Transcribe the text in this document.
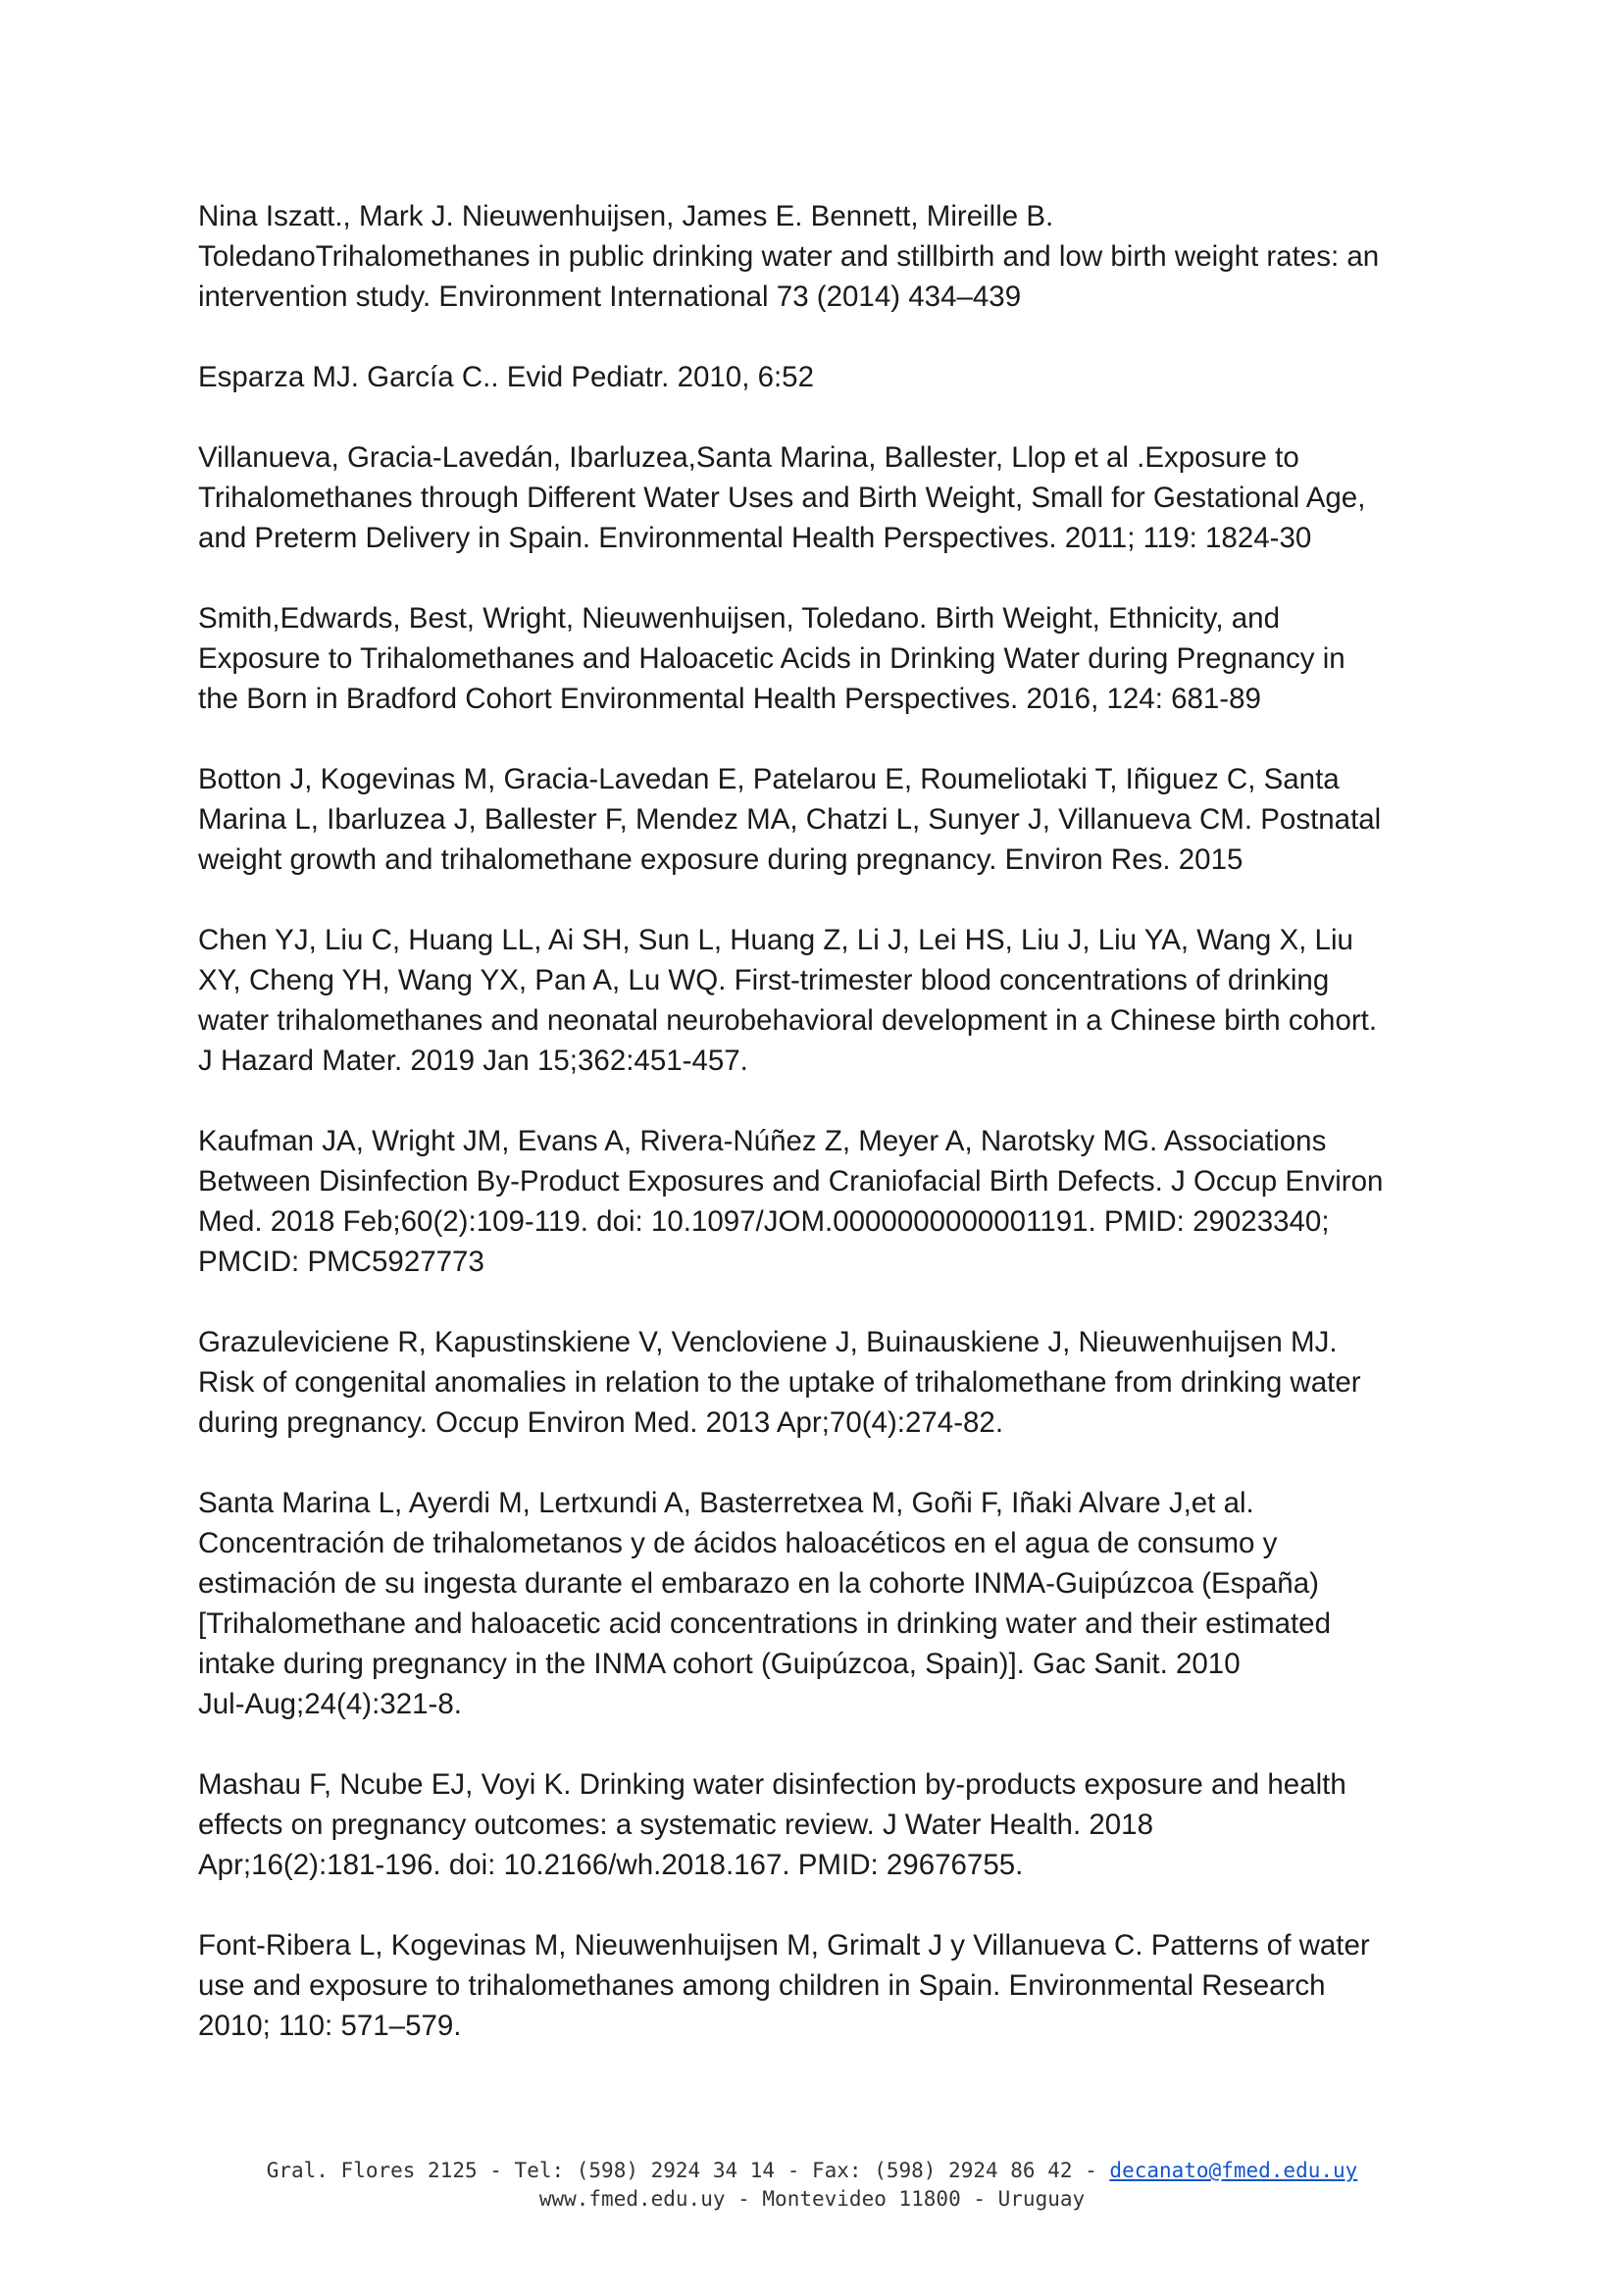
Nina Iszatt., Mark J. Nieuwenhuijsen, James E. Bennett, Mireille B.
ToledanoTrihalomethanes in public drinking water and stillbirth and low birth weight rates: an
intervention study. Environment International 73 (2014) 434–439
Esparza MJ. García C.. Evid Pediatr. 2010, 6:52
Villanueva, Gracia-Lavedán, Ibarluzea,Santa Marina, Ballester, Llop et al .Exposure to
Trihalomethanes through Different Water Uses and Birth Weight, Small for Gestational Age,
and Preterm Delivery in Spain. Environmental Health Perspectives. 2011; 119: 1824-30
Smith,Edwards, Best, Wright, Nieuwenhuijsen, Toledano. Birth Weight, Ethnicity, and
Exposure to Trihalomethanes and Haloacetic Acids in Drinking Water during Pregnancy in
the Born in Bradford Cohort Environmental Health Perspectives. 2016, 124: 681-89
Botton J, Kogevinas M, Gracia-Lavedan E, Patelarou E, Roumeliotaki T, Iñiguez C, Santa
Marina L, Ibarluzea J, Ballester F, Mendez MA, Chatzi L, Sunyer J, Villanueva CM. Postnatal
weight growth and trihalomethane exposure during pregnancy. Environ Res. 2015
Chen YJ, Liu C, Huang LL, Ai SH, Sun L, Huang Z, Li J, Lei HS, Liu J, Liu YA, Wang X, Liu
XY, Cheng YH, Wang YX, Pan A, Lu WQ. First-trimester blood concentrations of drinking
water trihalomethanes and neonatal neurobehavioral development in a Chinese birth cohort.
J Hazard Mater. 2019 Jan 15;362:451-457.
Kaufman JA, Wright JM, Evans A, Rivera-Núñez Z, Meyer A, Narotsky MG. Associations
Between Disinfection By-Product Exposures and Craniofacial Birth Defects. J Occup Environ
Med. 2018 Feb;60(2):109-119. doi: 10.1097/JOM.0000000000001191. PMID: 29023340;
PMCID: PMC5927773
Grazuleviciene R, Kapustinskiene V, Vencloviene J, Buinauskiene J, Nieuwenhuijsen MJ.
Risk of congenital anomalies in relation to the uptake of trihalomethane from drinking water
during pregnancy. Occup Environ Med. 2013 Apr;70(4):274-82.
Santa Marina L, Ayerdi M, Lertxundi A, Basterretxea M, Goñi F, Iñaki Alvare J,et al.
Concentración de trihalometanos y de ácidos haloacéticos en el agua de consumo y
estimación de su ingesta durante el embarazo en la cohorte INMA-Guipúzcoa (España)
[Trihalomethane and haloacetic acid concentrations in drinking water and their estimated
intake during pregnancy in the INMA cohort (Guipúzcoa, Spain)]. Gac Sanit. 2010
Jul-Aug;24(4):321-8.
Mashau F, Ncube EJ, Voyi K. Drinking water disinfection by-products exposure and health
effects on pregnancy outcomes: a systematic review. J Water Health. 2018
Apr;16(2):181-196. doi: 10.2166/wh.2018.167. PMID: 29676755.
Font-Ribera L, Kogevinas M, Nieuwenhuijsen M, Grimalt J y Villanueva C. Patterns of water
use and exposure to trihalomethanes among children in Spain. Environmental Research
2010; 110: 571–579.
Gral. Flores 2125 - Tel: (598) 2924 34 14 - Fax: (598) 2924 86 42 - decanato@fmed.edu.uy
www.fmed.edu.uy - Montevideo 11800 - Uruguay
